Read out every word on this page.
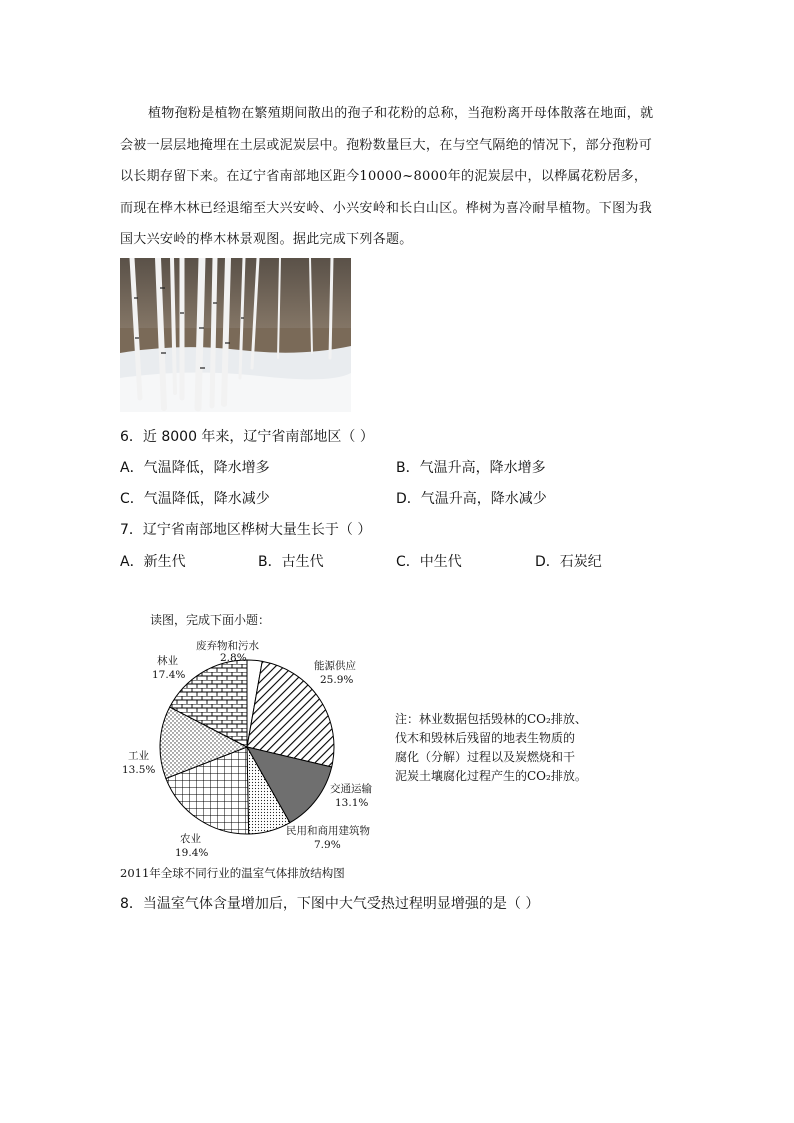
植物孢粉是植物在繁殖期间散出的孢子和花粉的总称，当孢粉离开母体散落在地面，就会被一层层地掩埋在土层或泥炭层中。孢粉数量巨大，在与空气隔绝的情况下，部分孢粉可以长期存留下来。在辽宁省南部地区距今10000~8000年的泥炭层中，以桦属花粉居多，而现在桦木林已经退缩至大兴安岭、小兴安岭和长白山区。桦树为喜冷耐旱植物。下图为我国大兴安岭的桦木林景观图。据此完成下列各题。
6．近 8000 年来，辽宁省南部地区（ ）
A．气温降低，降水增多	B．气温升高，降水增多
C．气温降低，降水减少	D．气温升高，降水减少
7．辽宁省南部地区桦树大量生长于（ ）
A．新生代	B．古生代	C．中生代	D．石炭纪
读图，完成下面小题：
废弃物和污水
2.8%
能源供应
25.9%
交通运输
13.1%
民用和商用建筑物
7.9%
农业
19.4%
工业
13.5%
林业
17.4%
注：林业数据包括毁林的CO₂排放、
伐木和毁林后残留的地表生物质的
腐化（分解）过程以及炭燃烧和干
泥炭土壤腐化过程产生的CO₂排放。
2011年全球不同行业的温室气体排放结构图
8．当温室气体含量增加后，下图中大气受热过程明显增强的是（ ）
